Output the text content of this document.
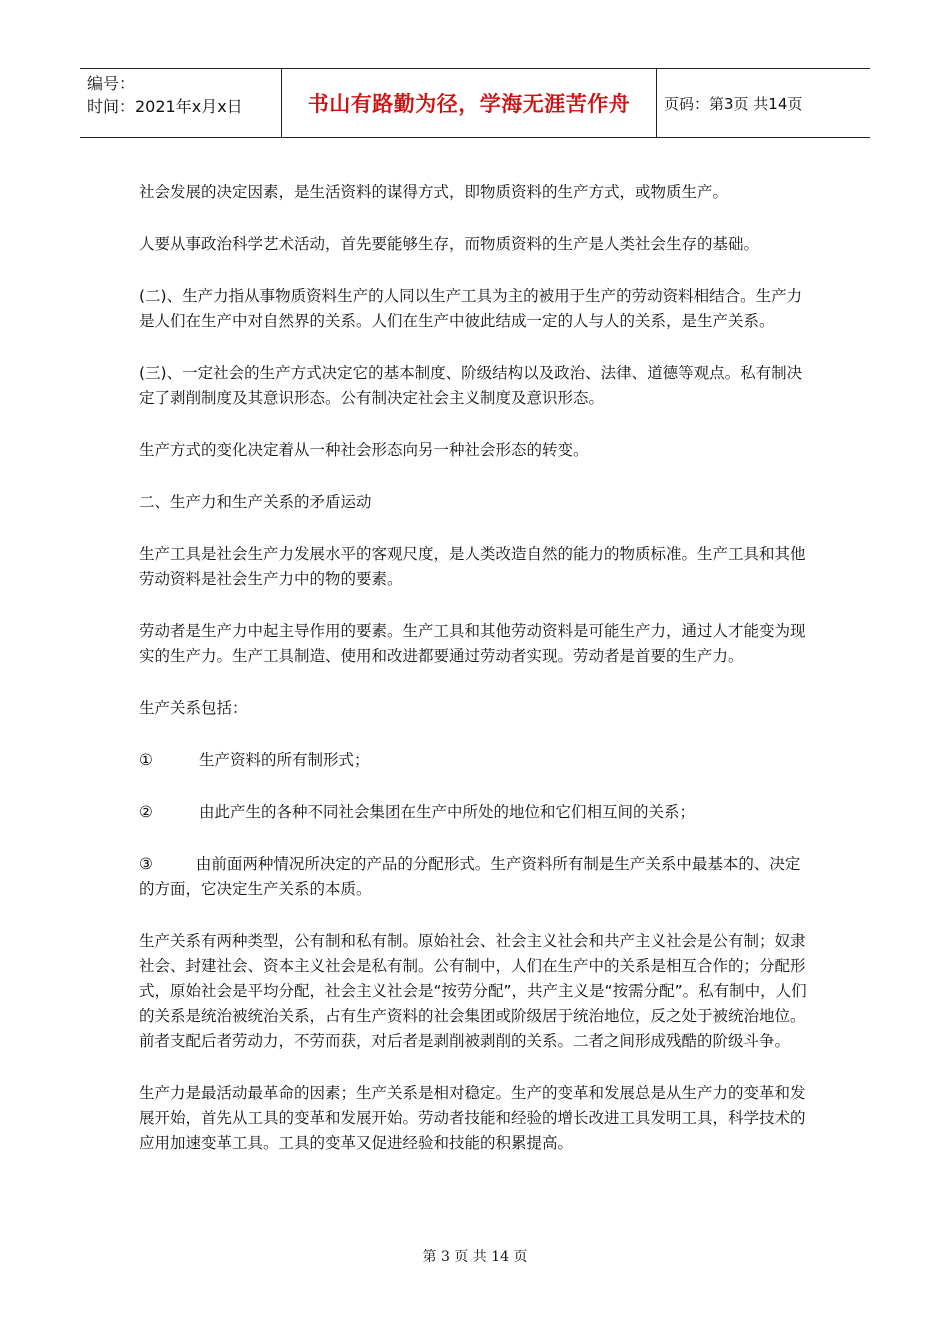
编号：
时间：2021年x月x日	书山有路勤为径，学海无涯苦作舟	页码：第3页 共14页

社会发展的决定因素，是生活资料的谋得方式，即物质资料的生产方式，或物质生产。

人要从事政治科学艺术活动，首先要能够生存，而物质资料的生产是人类社会生存的基础。

(二)、生产力指从事物质资料生产的人同以生产工具为主的被用于生产的劳动资料相结合。生产力是人们在生产中对自然界的关系。人们在生产中彼此结成一定的人与人的关系，是生产关系。

(三)、一定社会的生产方式决定它的基本制度、阶级结构以及政治、法律、道德等观点。私有制决定了剥削制度及其意识形态。公有制决定社会主义制度及意识形态。

生产方式的变化决定着从一种社会形态向另一种社会形态的转变。

二、生产力和生产关系的矛盾运动

生产工具是社会生产力发展水平的客观尺度，是人类改造自然的能力的物质标准。生产工具和其他劳动资料是社会生产力中的物的要素。

劳动者是生产力中起主导作用的要素。生产工具和其他劳动资料是可能生产力，通过人才能变为现实的生产力。生产工具制造、使用和改进都要通过劳动者实现。劳动者是首要的生产力。

生产关系包括：

①	生产资料的所有制形式；
②	由此产生的各种不同社会集团在生产中所处的地位和它们相互间的关系；
③	由前面两种情况所决定的产品的分配形式。生产资料所有制是生产关系中最基本的、决定的方面，它决定生产关系的本质。

生产关系有两种类型，公有制和私有制。原始社会、社会主义社会和共产主义社会是公有制；奴隶社会、封建社会、资本主义社会是私有制。公有制中，人们在生产中的关系是相互合作的；分配形式，原始社会是平均分配，社会主义社会是“按劳分配”，共产主义是“按需分配”。私有制中，人们的关系是统治被统治关系，占有生产资料的社会集团或阶级居于统治地位，反之处于被统治地位。前者支配后者劳动力，不劳而获，对后者是剥削被剥削的关系。二者之间形成残酷的阶级斗争。

生产力是最活动最革命的因素；生产关系是相对稳定。生产的变革和发展总是从生产力的变革和发展开始，首先从工具的变革和发展开始。劳动者技能和经验的增长改进工具发明工具，科学技术的应用加速变革工具。工具的变革又促进经验和技能的积累提高。

第 3 页 共 14 页
